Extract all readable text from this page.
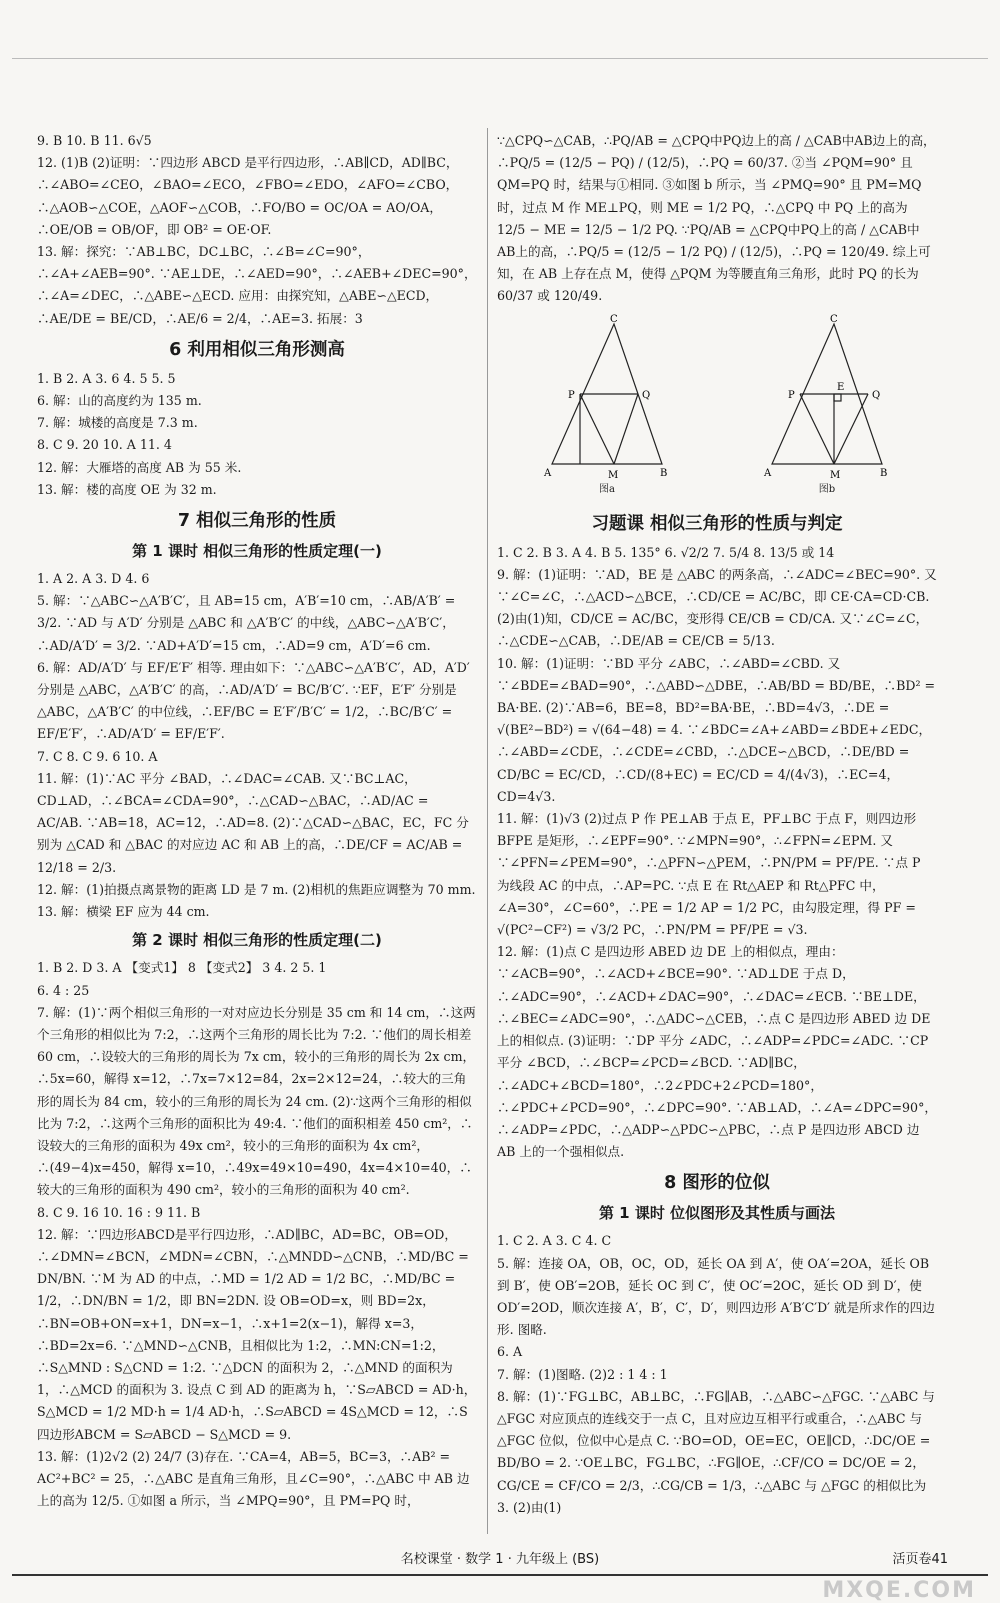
9. B 10. B 11. 6√5
12. (1)B (2)证明：∵四边形 ABCD 是平行四边形，∴AB∥CD，AD∥BC，∴∠ABO=∠CEO，∠BAO=∠ECO，∠FBO=∠EDO，∠AFO=∠CBO，∴△AOB∽△COE，△AOF∽△COB，∴FO/BO = OC/OA = AO/OA，∴OE/OB = OB/OF，即 OB² = OE·OF.
13. 解：探究：∵AB⊥BC，DC⊥BC，∴∠B=∠C=90°，∴∠A+∠AEB=90°. ∵AE⊥DE，∴∠AED=90°，∴∠AEB+∠DEC=90°，∴∠A=∠DEC，∴△ABE∽△ECD. 应用：由探究知，△ABE∽△ECD，∴AE/DE = BE/CD，∴AE/6 = 2/4，∴AE=3. 拓展：3
6 利用相似三角形测高
1. B 2. A 3. 6 4. 5 5. 5
6. 解：山的高度约为 135 m.
7. 解：城楼的高度是 7.3 m.
8. C 9. 20 10. A 11. 4
12. 解：大雁塔的高度 AB 为 55 米.
13. 解：楼的高度 OE 为 32 m.
7 相似三角形的性质
第 1 课时 相似三角形的性质定理(一)
1. A 2. A 3. D 4. 6
5. 解：∵△ABC∽△A′B′C′，且 AB=15 cm，A′B′=10 cm，∴AB/A′B′ = 3/2. ∵AD 与 A′D′ 分别是 △ABC 和 △A′B′C′ 的中线，△ABC∽△A′B′C′，∴AD/A′D′ = 3/2. ∵AD+A′D′=15 cm，∴AD=9 cm，A′D′=6 cm.
6. 解：AD/A′D′ 与 EF/E′F′ 相等. 理由如下：∵△ABC∽△A′B′C′，AD，A′D′ 分别是 △ABC，△A′B′C′ 的高，∴AD/A′D′ = BC/B′C′. ∵EF，E′F′ 分别是 △ABC，△A′B′C′ 的中位线，∴EF/BC = E′F′/B′C′ = 1/2，∴BC/B′C′ = EF/E′F′，∴AD/A′D′ = EF/E′F′.
7. C 8. C 9. 6 10. A
11. 解：(1)∵AC 平分 ∠BAD，∴∠DAC=∠CAB. 又∵BC⊥AC，CD⊥AD，∴∠BCA=∠CDA=90°，∴△CAD∽△BAC，∴AD/AC = AC/AB. ∵AB=18，AC=12，∴AD=8. (2)∵△CAD∽△BAC，EC，FC 分别为 △CAD 和 △BAC 的对应边 AC 和 AB 上的高，∴DE/CF = AC/AB = 12/18 = 2/3.
12. 解：(1)拍摄点离景物的距离 LD 是 7 m. (2)相机的焦距应调整为 70 mm.
13. 解：横梁 EF 应为 44 cm.
第 2 课时 相似三角形的性质定理(二)
1. B 2. D 3. A 【变式1】 8 【变式2】 3 4. 2 5. 1
6. 4 : 25
7. 解：(1)∵两个相似三角形的一对对应边长分别是 35 cm 和 14 cm，∴这两个三角形的相似比为 7:2，∴这两个三角形的周长比为 7:2. ∵他们的周长相差 60 cm，∴设较大的三角形的周长为 7x cm，较小的三角形的周长为 2x cm，∴5x=60，解得 x=12，∴7x=7×12=84，2x=2×12=24，∴较大的三角形的周长为 84 cm，较小的三角形的周长为 24 cm. (2)∵这两个三角形的相似比为 7:2，∴这两个三角形的面积比为 49:4. ∵他们的面积相差 450 cm²，∴设较大的三角形的面积为 49x cm²，较小的三角形的面积为 4x cm²，∴(49−4)x=450，解得 x=10，∴49x=49×10=490，4x=4×10=40，∴较大的三角形的面积为 490 cm²，较小的三角形的面积为 40 cm².
8. C 9. 16 10. 16 : 9 11. B
12. 解：∵四边形ABCD是平行四边形，∴AD∥BC，AD=BC，OB=OD，∴∠DMN=∠BCN，∠MDN=∠CBN，∴△MNDD∽△CNB，∴MD/BC = DN/BN. ∵M 为 AD 的中点，∴MD = 1/2 AD = 1/2 BC，∴MD/BC = 1/2，∴DN/BN = 1/2，即 BN=2DN. 设 OB=OD=x，则 BD=2x，∴BN=OB+ON=x+1，DN=x−1，∴x+1=2(x−1)，解得 x=3，∴BD=2x=6. ∵△MND∽△CNB，且相似比为 1:2，∴MN:CN=1:2，∴S△MND : S△CND = 1:2. ∵△DCN 的面积为 2，∴△MND 的面积为 1，∴△MCD 的面积为 3. 设点 C 到 AD 的距离为 h，∵S▱ABCD = AD·h，S△MCD = 1/2 MD·h = 1/4 AD·h，∴S▱ABCD = 4S△MCD = 12，∴S四边形ABCM = S▱ABCD − S△MCD = 9.
13. 解：(1)2√2 (2) 24/7 (3)存在. ∵CA=4，AB=5，BC=3，∴AB² = AC²+BC² = 25，∴△ABC 是直角三角形，且∠C=90°，∴△ABC 中 AB 边上的高为 12/5. ①如图 a 所示，当 ∠MPQ=90°，且 PM=PQ 时，
∵△CPQ∽△CAB，∴PQ/AB = △CPQ中PQ边上的高 / △CAB中AB边上的高，∴PQ/5 = (12/5 − PQ) / (12/5)，∴PQ = 60/37. ②当 ∠PQM=90° 且 QM=PQ 时，结果与①相同. ③如图 b 所示，当 ∠PMQ=90° 且 PM=MQ 时，过点 M 作 ME⊥PQ，则 ME = 1/2 PQ，∴△CPQ 中 PQ 上的高为 12/5 − ME = 12/5 − 1/2 PQ. ∵PQ/AB = △CPQ中PQ上的高 / △CAB中AB上的高，∴PQ/5 = (12/5 − 1/2 PQ) / (12/5)，∴PQ = 120/49. 综上可知，在 AB 上存在点 M，使得 △PQM 为等腰直角三角形，此时 PQ 的长为 60/37 或 120/49.
C
P	Q
A	M	B
图a
C
P	Q
E
A	M	B
图b
习题课 相似三角形的性质与判定
1. C 2. B 3. A 4. B 5. 135° 6. √2/2 7. 5/4 8. 13/5 或 14
9. 解：(1)证明：∵AD，BE 是 △ABC 的两条高，∴∠ADC=∠BEC=90°. 又∵∠C=∠C，∴△ACD∽△BCE，∴CD/CE = AC/BC，即 CE·CA=CD·CB. (2)由(1)知，CD/CE = AC/BC，变形得 CE/CB = CD/CA. 又∵∠C=∠C，∴△CDE∽△CAB，∴DE/AB = CE/CB = 5/13.
10. 解：(1)证明：∵BD 平分 ∠ABC，∴∠ABD=∠CBD. 又∵∠BDE=∠BAD=90°，∴△ABD∽△DBE，∴AB/BD = BD/BE，∴BD² = BA·BE. (2)∵AB=6，BE=8，BD²=BA·BE，∴BD=4√3，∴DE = √(BE²−BD²) = √(64−48) = 4. ∵∠BDC=∠A+∠ABD=∠BDE+∠EDC，∴∠ABD=∠CDE，∴∠CDE=∠CBD，∴△DCE∽△BCD，∴DE/BD = CD/BC = EC/CD，∴CD/(8+EC) = EC/CD = 4/(4√3)，∴EC=4，CD=4√3.
11. 解：(1)√3 (2)过点 P 作 PE⊥AB 于点 E，PF⊥BC 于点 F，则四边形 BFPE 是矩形，∴∠EPF=90°. ∵∠MPN=90°，∴∠FPN=∠EPM. 又∵∠PFN=∠PEM=90°，∴△PFN∽△PEM，∴PN/PM = PF/PE. ∵点 P 为线段 AC 的中点，∴AP=PC. ∵点 E 在 Rt△AEP 和 Rt△PFC 中，∠A=30°，∠C=60°，∴PE = 1/2 AP = 1/2 PC，由勾股定理，得 PF = √(PC²−CF²) = √3/2 PC，∴PN/PM = PF/PE = √3.
12. 解：(1)点 C 是四边形 ABED 边 DE 上的相似点，理由：∵∠ACB=90°，∴∠ACD+∠BCE=90°. ∵AD⊥DE 于点 D，∴∠ADC=90°，∴∠ACD+∠DAC=90°，∴∠DAC=∠ECB. ∵BE⊥DE，∴∠BEC=∠ADC=90°，∴△ADC∽△CEB，∴点 C 是四边形 ABED 边 DE 上的相似点. (3)证明：∵DP 平分 ∠ADC，∴∠ADP=∠PDC=∠ADC. ∵CP 平分 ∠BCD，∴∠BCP=∠PCD=∠BCD. ∵AD∥BC，∴∠ADC+∠BCD=180°，∴2∠PDC+2∠PCD=180°，∴∠PDC+∠PCD=90°，∴∠DPC=90°. ∵AB⊥AD，∴∠A=∠DPC=90°，∴∠ADP=∠PDC，∴△ADP∽△PDC∽△PBC，∴点 P 是四边形 ABCD 边 AB 上的一个强相似点.
8 图形的位似
第 1 课时 位似图形及其性质与画法
1. C 2. A 3. C 4. C
5. 解：连接 OA，OB，OC，OD，延长 OA 到 A′，使 OA′=2OA，延长 OB 到 B′，使 OB′=2OB，延长 OC 到 C′，使 OC′=2OC，延长 OD 到 D′，使 OD′=2OD，顺次连接 A′，B′，C′，D′，则四边形 A′B′C′D′ 就是所求作的四边形. 图略.
6. A
7. 解：(1)图略. (2)2 : 1 4 : 1
8. 解：(1)∵FG⊥BC，AB⊥BC，∴FG∥AB，∴△ABC∽△FGC. ∵△ABC 与 △FGC 对应顶点的连线交于一点 C，且对应边互相平行或重合，∴△ABC 与 △FGC 位似，位似中心是点 C. ∵BO=OD，OE=EC，OE∥CD，∴DC/OE = BD/BO = 2. ∵OE⊥BC，FG⊥BC，∴FG∥OE，∴CF/CO = DC/OE = 2，CG/CE = CF/CO = 2/3，∴CG/CB = 1/3，∴△ABC 与 △FGC 的相似比为 3. (2)由(1)
名校课堂 · 数学 1 · 九年级上 (BS)	活页卷41
MXQE.COM
